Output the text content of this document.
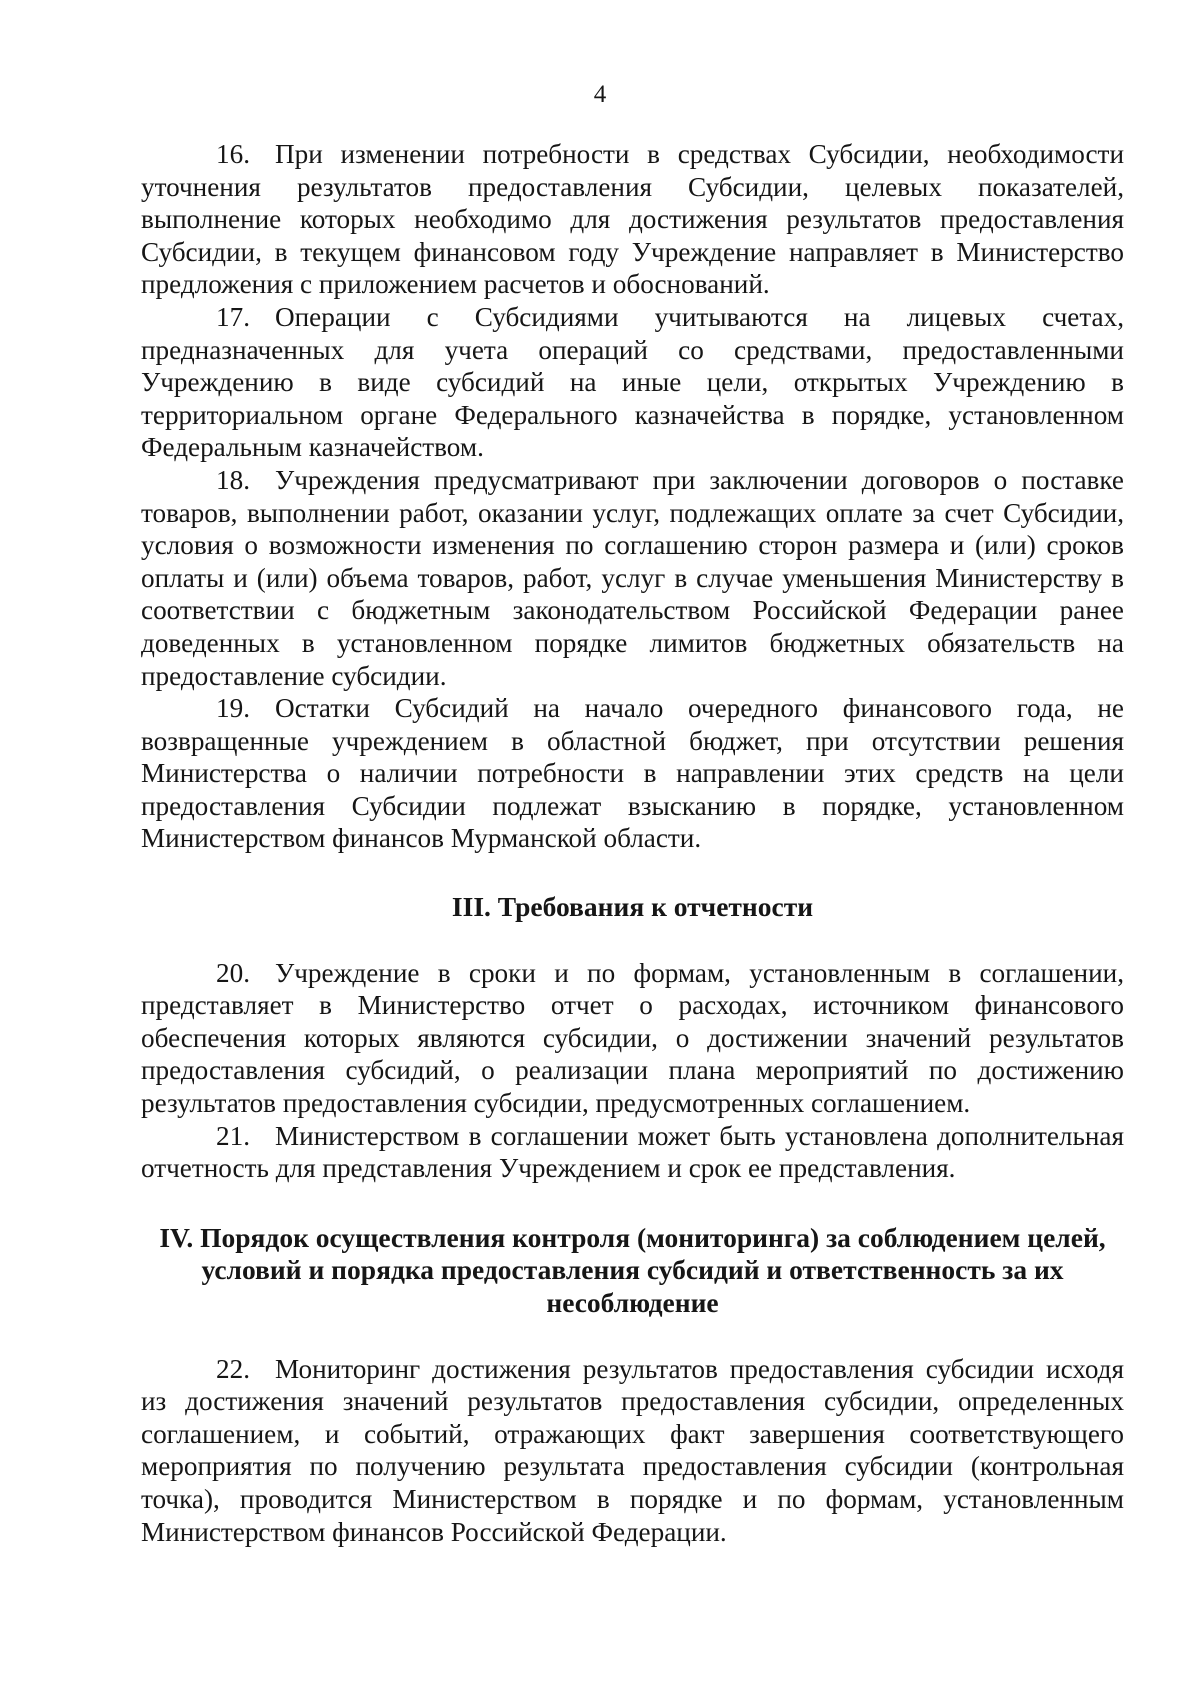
4

16. При изменении потребности в средствах Субсидии, необходимости уточнения результатов предоставления Субсидии, целевых показателей, выполнение которых необходимо для достижения результатов предоставления Субсидии, в текущем финансовом году Учреждение направляет в Министерство предложения с приложением расчетов и обоснований.

17. Операции с Субсидиями учитываются на лицевых счетах, предназначенных для учета операций со средствами, предоставленными Учреждению в виде субсидий на иные цели, открытых Учреждению в территориальном органе Федерального казначейства в порядке, установленном Федеральным казначейством.

18. Учреждения предусматривают при заключении договоров о поставке товаров, выполнении работ, оказании услуг, подлежащих оплате за счет Субсидии, условия о возможности изменения по соглашению сторон размера и (или) сроков оплаты и (или) объема товаров, работ, услуг в случае уменьшения Министерству в соответствии с бюджетным законодательством Российской Федерации ранее доведенных в установленном порядке лимитов бюджетных обязательств на предоставление субсидии.

19. Остатки Субсидий на начало очередного финансового года, не возвращенные учреждением в областной бюджет, при отсутствии решения Министерства о наличии потребности в направлении этих средств на цели предоставления Субсидии подлежат взысканию в порядке, установленном Министерством финансов Мурманской области.

III. Требования к отчетности

20. Учреждение в сроки и по формам, установленным в соглашении, представляет в Министерство отчет о расходах, источником финансового обеспечения которых являются субсидии, о достижении значений результатов предоставления субсидий, о реализации плана мероприятий по достижению результатов предоставления субсидии, предусмотренных соглашением.

21. Министерством в соглашении может быть установлена дополнительная отчетность для представления Учреждением и срок ее представления.

IV. Порядок осуществления контроля (мониторинга) за соблюдением целей,
условий и порядка предоставления субсидий и ответственность за их
несоблюдение

22. Мониторинг достижения результатов предоставления субсидии исходя из достижения значений результатов предоставления субсидии, определенных соглашением, и событий, отражающих факт завершения соответствующего мероприятия по получению результата предоставления субсидии (контрольная точка), проводится Министерством в порядке и по формам, установленным Министерством финансов Российской Федерации.
